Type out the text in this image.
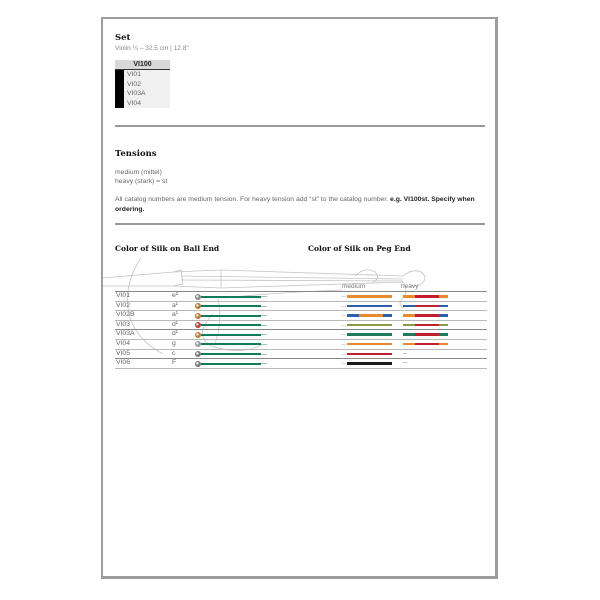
Set
Violin ¼ – 32.5 cm | 12.8"
VI100
VI01
VI02
VI03A
VI04
Tensions
medium (mittel)
heavy (stark) = st
All catalog numbers are medium tension. For heavy tension add “st” to the catalog number. e.g. VI100st. Specify when ordering.
Color of Silk on Ball End	Color of Silk on Peg End
medium	heavy
VI01	e²
VI02	a¹
VI02B	a¹
VI03	d¹
VI03A	d¹
VI04	g
VI05	c	–
VI06	F	–
